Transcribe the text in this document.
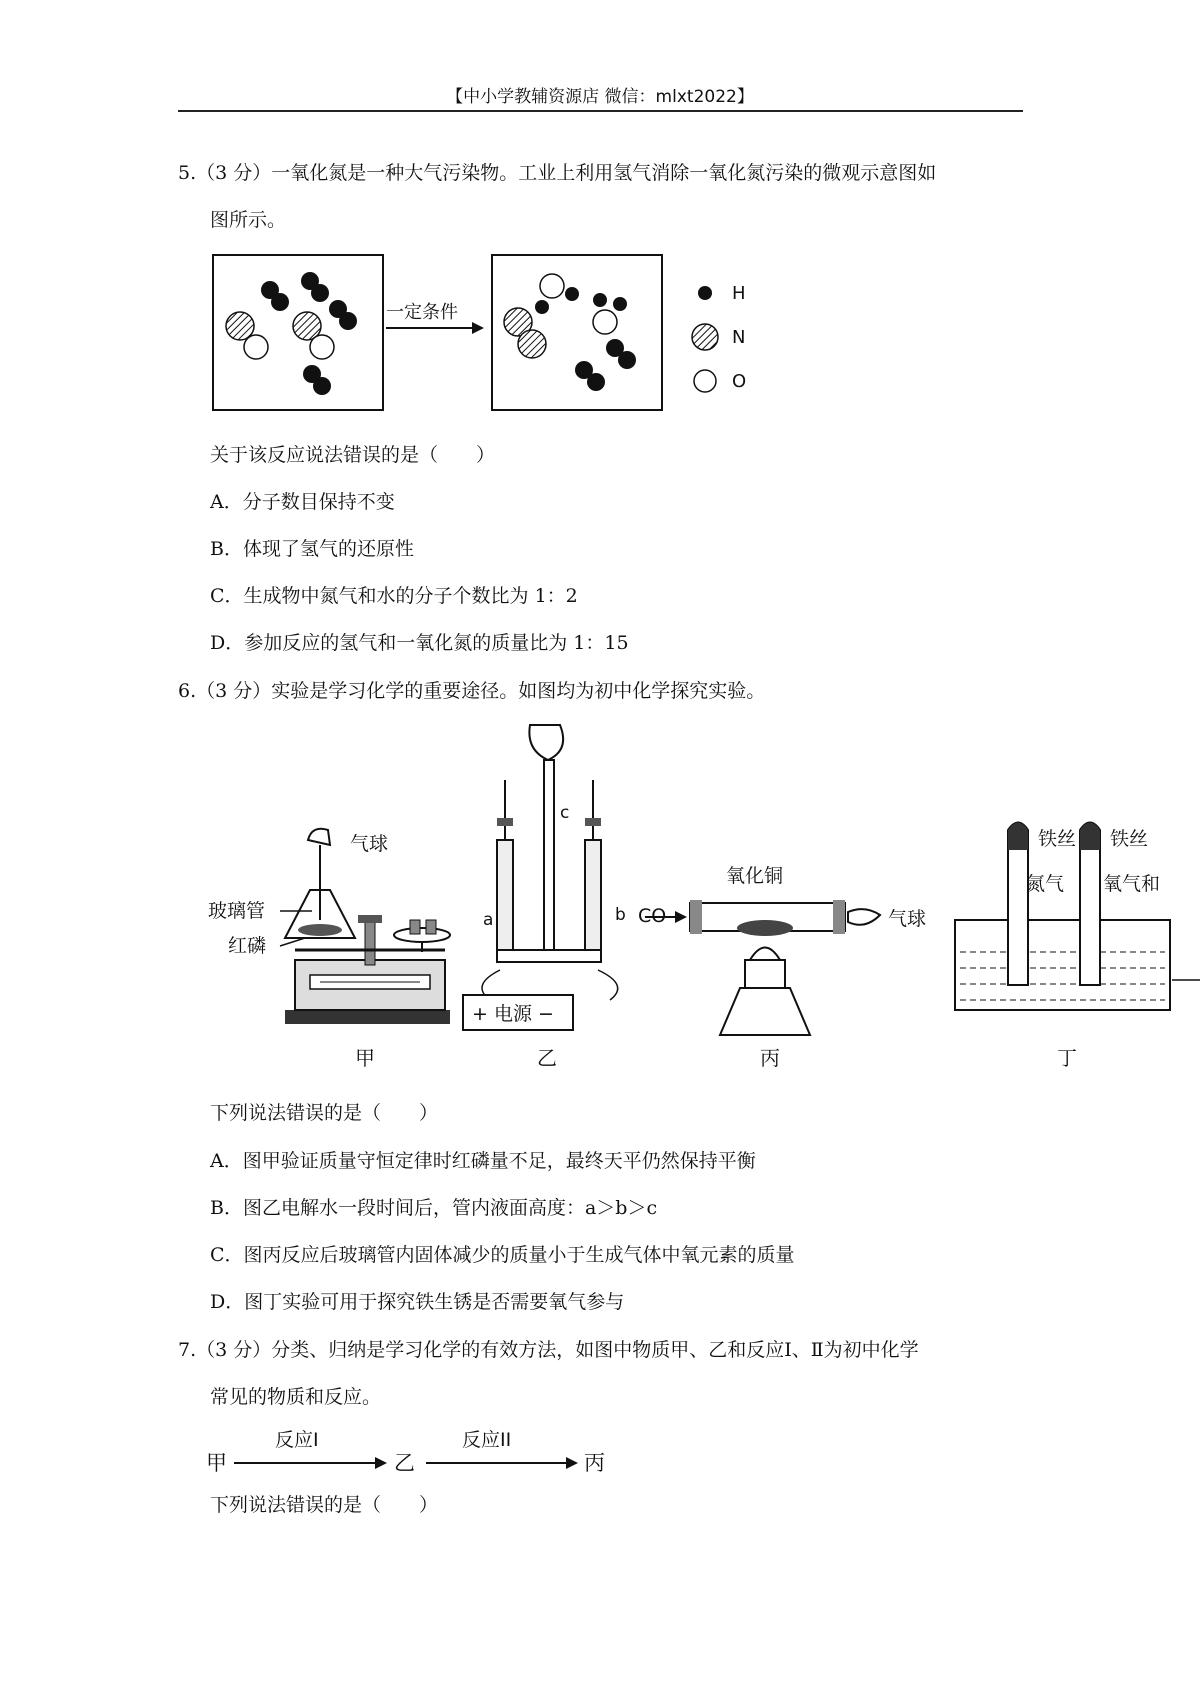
【中小学教辅资源店 微信：mlxt2022】
5.（3 分）一氧化氮是一种大气污染物。工业上利用氢气消除一氧化氮污染的微观示意图如
图所示。
一定条件
H
N
O
关于该反应说法错误的是（　　）
A．分子数目保持不变
B．体现了氢气的还原性
C．生成物中氮气和水的分子个数比为 1：2
D．参加反应的氢气和一氧化氮的质量比为 1：15
6.（3 分）实验是学习化学的重要途径。如图均为初中化学探究实验。
气球
玻璃管
红磷
c
a	b
+ 电源 −
CO
氧化铜
气球
铁丝 铁丝
氮气 氧气和
甲	乙	丙	丁
下列说法错误的是（　　）
A．图甲验证质量守恒定律时红磷量不足，最终天平仍然保持平衡
B．图乙电解水一段时间后，管内液面高度：a＞b＞c
C．图丙反应后玻璃管内固体减少的质量小于生成气体中氧元素的质量
D．图丁实验可用于探究铁生锈是否需要氧气参与
7.（3 分）分类、归纳是学习化学的有效方法，如图中物质甲、乙和反应Ⅰ、Ⅱ为初中化学
常见的物质和反应。
甲
反应I
乙
反应II
丙
下列说法错误的是（　　）
